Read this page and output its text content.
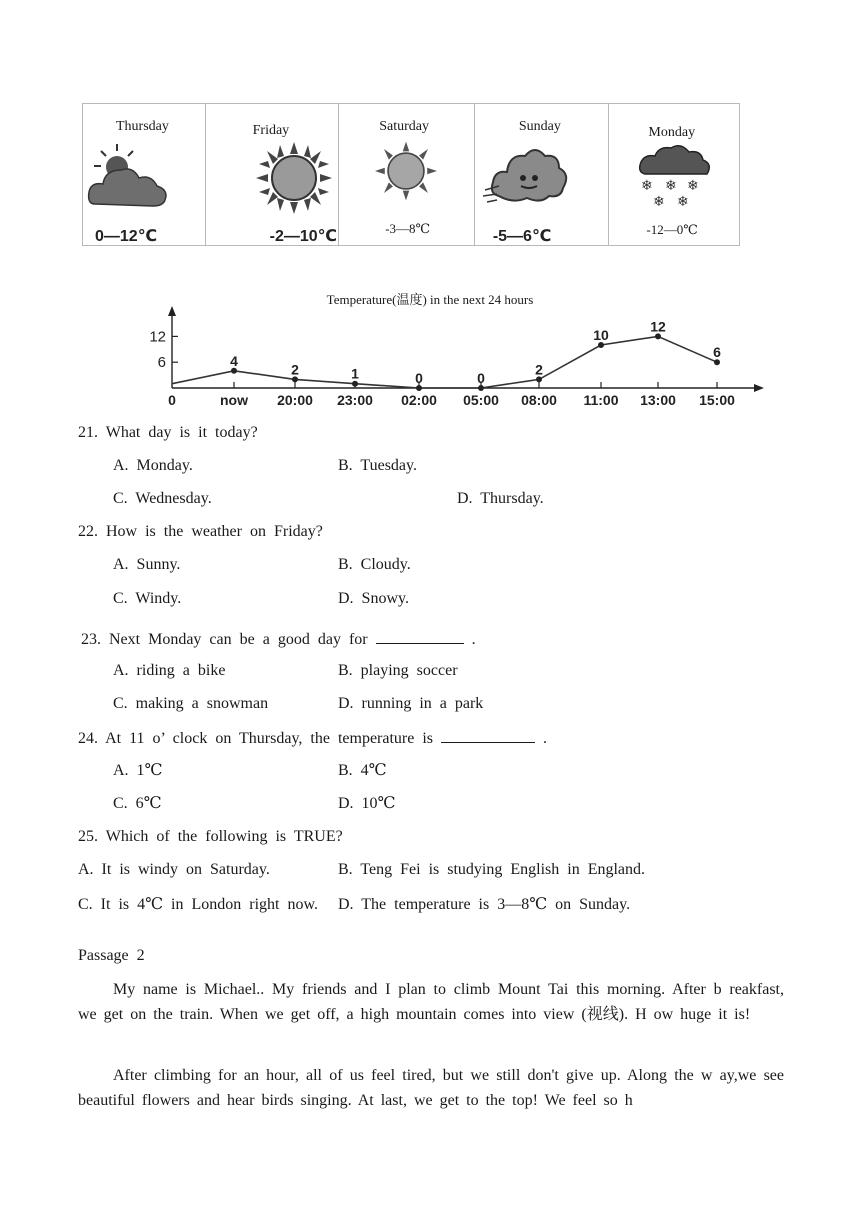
Thursday
0—12℃
Friday
-2—10℃
Saturday
-3—8℃
Sunday
-5—6℃
Monday
❄ ❄ ❄
❄ ❄
-12—0℃
Temperature(温度) in the next 24 hours
12
6
0	now 20:00 23:00 02:00 05:00 08:00 11:00 13:00 15:00
4
2	1	0	0
2
10
12
6
21. What day is it today?
A. Monday.	B. Tuesday.
C. Wednesday.	D. Thursday.
22. How is the weather on Friday?
A. Sunny.	B. Cloudy.
C. Windy.	D. Snowy.
23. Next Monday can be a good day for	.
A. riding a bike	B. playing soccer
C. making a snowman	D. running in a park
24. At 11 o’ clock on Thursday, the temperature is	.
A. 1℃	B. 4℃
C. 6℃	D. 10℃
25. Which of the following is TRUE?
A. It is windy on Saturday.	B. Teng Fei is studying English in England.
C. It is 4℃ in London right now. D. The temperature is 3—8℃ on Sunday.
Passage 2
My name is Michael.. My friends and I plan to climb Mount Tai this morning. After b reakfast, we get on the train. When we get off, a high mountain comes into view (视线). H ow huge it is!
After climbing for an hour, all of us feel tired, but we still don't give up. Along the w ay,we see beautiful flowers and hear birds singing. At last, we get to the top! We feel so h
